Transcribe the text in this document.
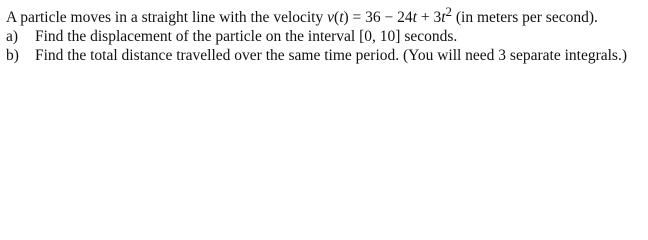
A particle moves in a straight line with the velocity $v(t) = 36 - 24t + 3t^2$ (in meters per second).

a) Find the displacement of the particle on the interval [0, 10] seconds.
b) Find the total distance travelled over the same time period. (You will need 3 separate integrals.)
